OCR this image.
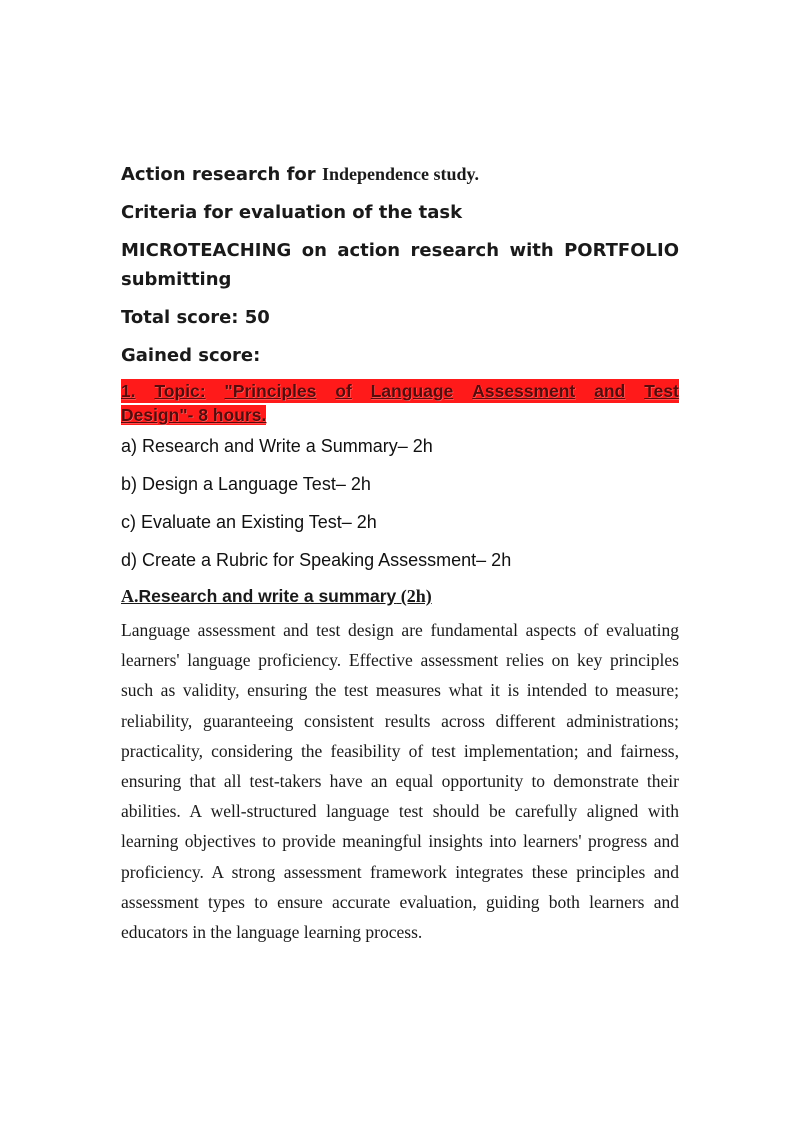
Action research for Independence study.
Criteria for evaluation of the task
MICROTEACHING on action research with PORTFOLIO
submitting
Total score: 50
Gained score:
1. Topic: "Principles of Language Assessment and Test
Design"- 8 hours.
a) Research and Write a Summary– 2h
b) Design a Language Test– 2h
c) Evaluate an Existing Test– 2h
d) Create a Rubric for Speaking Assessment– 2h
A.Research and write a summary (2h)

Language assessment and test design are fundamental aspects of evaluating learners' language proficiency. Effective assessment relies on key principles such as validity, ensuring the test measures what it is intended to measure; reliability, guaranteeing consistent results across different administrations; practicality, considering the feasibility of test implementation; and fairness, ensuring that all test-takers have an equal opportunity to demonstrate their abilities. A well-structured language test should be carefully aligned with learning objectives to provide meaningful insights into learners' progress and proficiency. A strong assessment framework integrates these principles and assessment types to ensure accurate evaluation, guiding both learners and educators in the language learning process.
